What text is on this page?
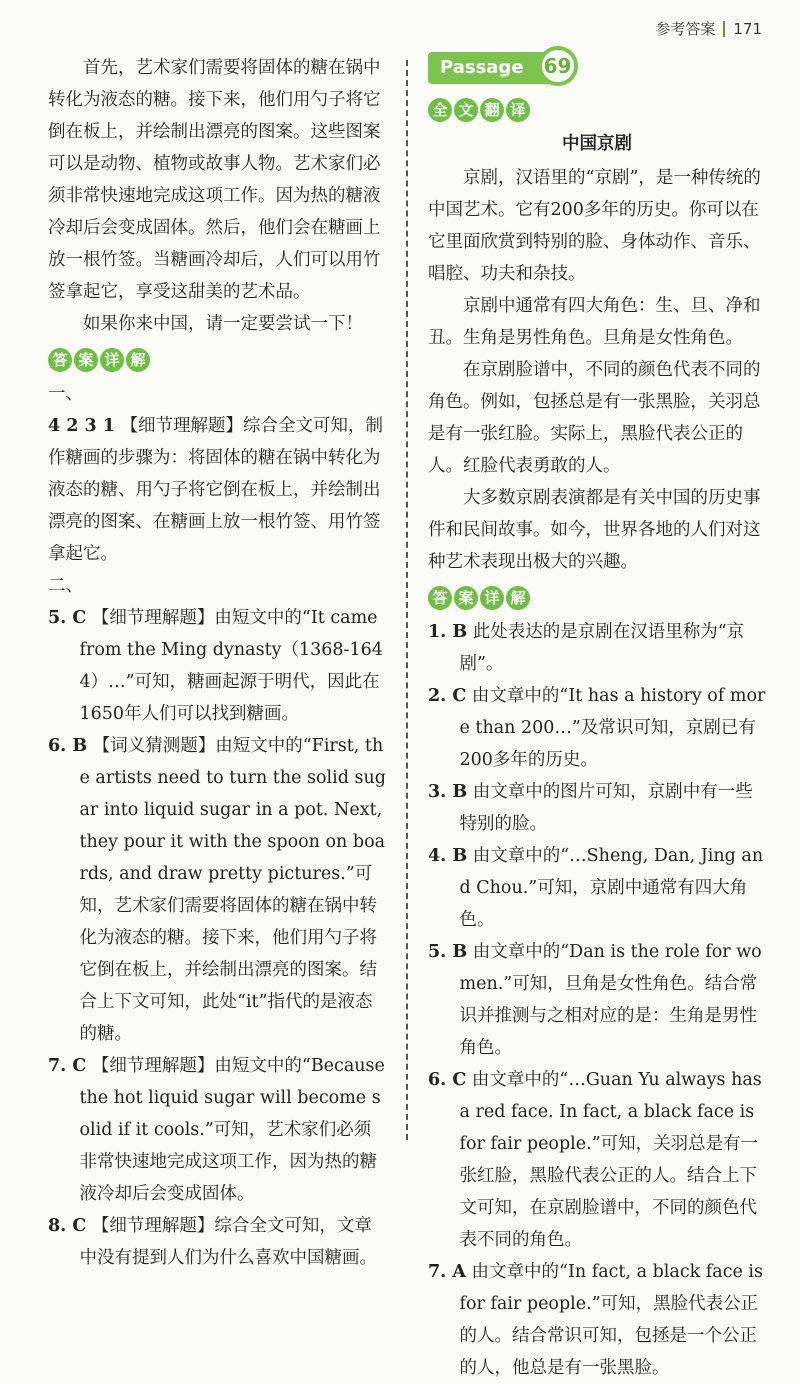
参考答案 171

首先，艺术家们需要将固体的糖在锅中转化为液态的糖。接下来，他们用勺子将它倒在板上，并绘制出漂亮的图案。这些图案可以是动物、植物或故事人物。艺术家们必须非常快速地完成这项工作。因为热的糖液冷却后会变成固体。然后，他们会在糖画上放一根竹签。当糖画冷却后，人们可以用竹签拿起它，享受这甜美的艺术品。

如果你来中国，请一定要尝试一下！

答 案 详 解

一、

4 2 3 1 【细节理解题】综合全文可知，制作糖画的步骤为：将固体的糖在锅中转化为液态的糖、用勺子将它倒在板上，并绘制出漂亮的图案、在糖画上放一根竹签、用竹签拿起它。

二、

5. C 【细节理解题】由短文中的“It came from the Ming dynasty（1368-1644）…”可知，糖画起源于明代，因此在1650年人们可以找到糖画。

6. B 【词义猜测题】由短文中的“First, the artists need to turn the solid sugar into liquid sugar in a pot. Next, they pour it with the spoon on boards, and draw pretty pictures.”可知，艺术家们需要将固体的糖在锅中转化为液态的糖。接下来，他们用勺子将它倒在板上，并绘制出漂亮的图案。结合上下文可知，此处“it”指代的是液态的糖。

7. C 【细节理解题】由短文中的“Because the hot liquid sugar will become solid if it cools.”可知，艺术家们必须非常快速地完成这项工作，因为热的糖液冷却后会变成固体。

8. C 【细节理解题】综合全文可知，文章中没有提到人们为什么喜欢中国糖画。

Passage	69
全 文 翻 译

中国京剧

京剧，汉语里的“京剧”，是一种传统的中国艺术。它有200多年的历史。你可以在它里面欣赏到特别的脸、身体动作、音乐、唱腔、功夫和杂技。

京剧中通常有四大角色：生、旦、净和丑。生角是男性角色。旦角是女性角色。

在京剧脸谱中，不同的颜色代表不同的角色。例如，包拯总是有一张黑脸，关羽总是有一张红脸。实际上，黑脸代表公正的人。红脸代表勇敢的人。

大多数京剧表演都是有关中国的历史事件和民间故事。如今，世界各地的人们对这种艺术表现出极大的兴趣。

答 案 详 解

1. B 此处表达的是京剧在汉语里称为“京剧”。

2. C 由文章中的“It has a history of more than 200…”及常识可知，京剧已有200多年的历史。

3. B 由文章中的图片可知，京剧中有一些特别的脸。

4. B 由文章中的“…Sheng, Dan, Jing and Chou.”可知，京剧中通常有四大角色。

5. B 由文章中的“Dan is the role for women.”可知，旦角是女性角色。结合常识并推测与之相对应的是：生角是男性角色。

6. C 由文章中的“…Guan Yu always has a red face. In fact, a black face is for fair people.”可知，关羽总是有一张红脸，黑脸代表公正的人。结合上下文可知，在京剧脸谱中，不同的颜色代表不同的角色。

7. A 由文章中的“In fact, a black face is for fair people.”可知，黑脸代表公正的人。结合常识可知，包拯是一个公正的人，他总是有一张黑脸。
